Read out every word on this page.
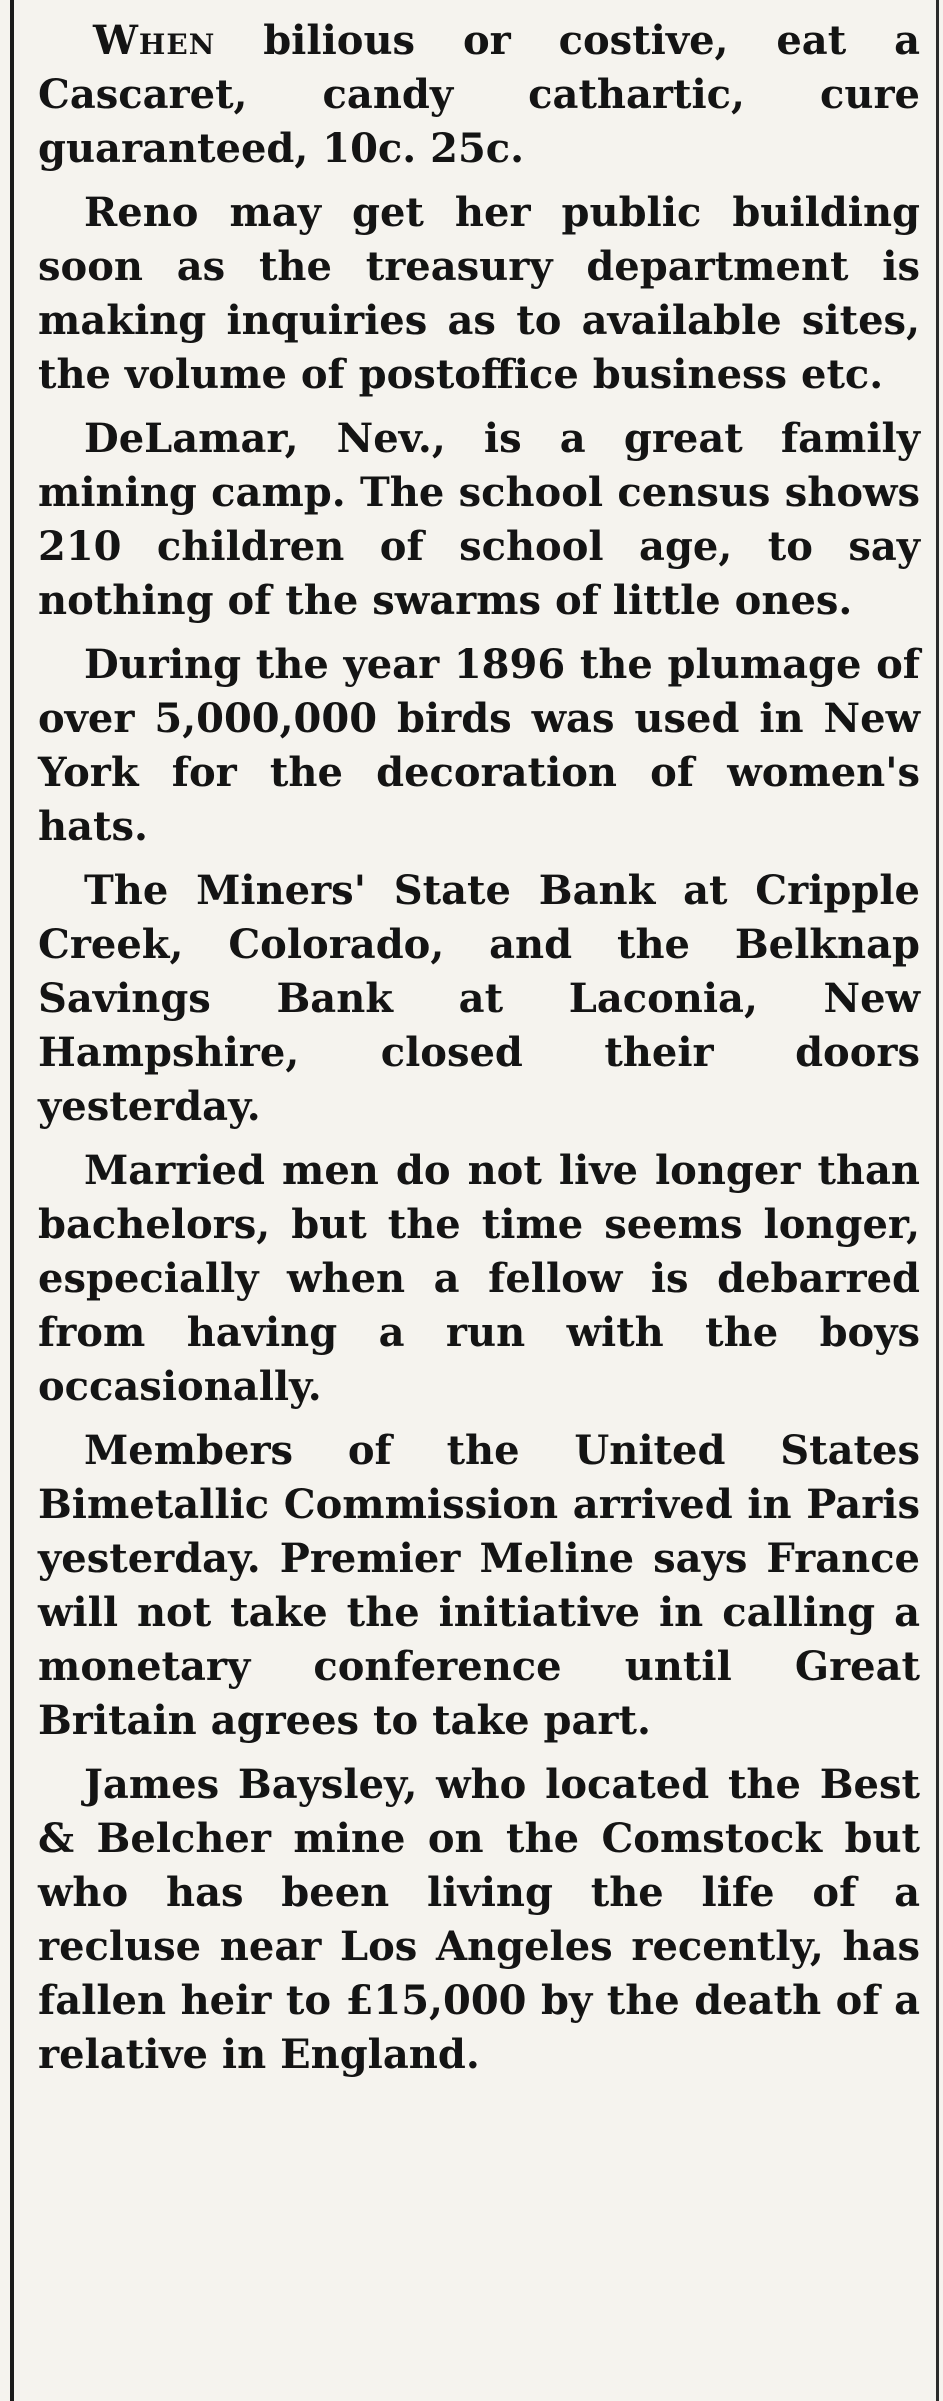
When bilious or costive, eat a Cascaret, candy cathartic, cure guaranteed, 10c. 25c.

Reno may get her public building soon as the treasury department is making inquiries as to available sites, the volume of postoffice business etc.

DeLamar, Nev., is a great family mining camp. The school census shows 210 children of school age, to say nothing of the swarms of little ones.

During the year 1896 the plumage of over 5,000,000 birds was used in New York for the decoration of women's hats.

The Miners' State Bank at Cripple Creek, Colorado, and the Belknap Savings Bank at Laconia, New Hampshire, closed their doors yesterday.

Married men do not live longer than bachelors, but the time seems longer, especially when a fellow is debarred from having a run with the boys occasionally.

Members of the United States Bimetallic Commission arrived in Paris yesterday. Premier Meline says France will not take the initiative in calling a monetary conference until Great Britain agrees to take part.

James Baysley, who located the Best & Belcher mine on the Comstock but who has been living the life of a recluse near Los Angeles recently, has fallen heir to £15,000 by the death of a relative in England.
